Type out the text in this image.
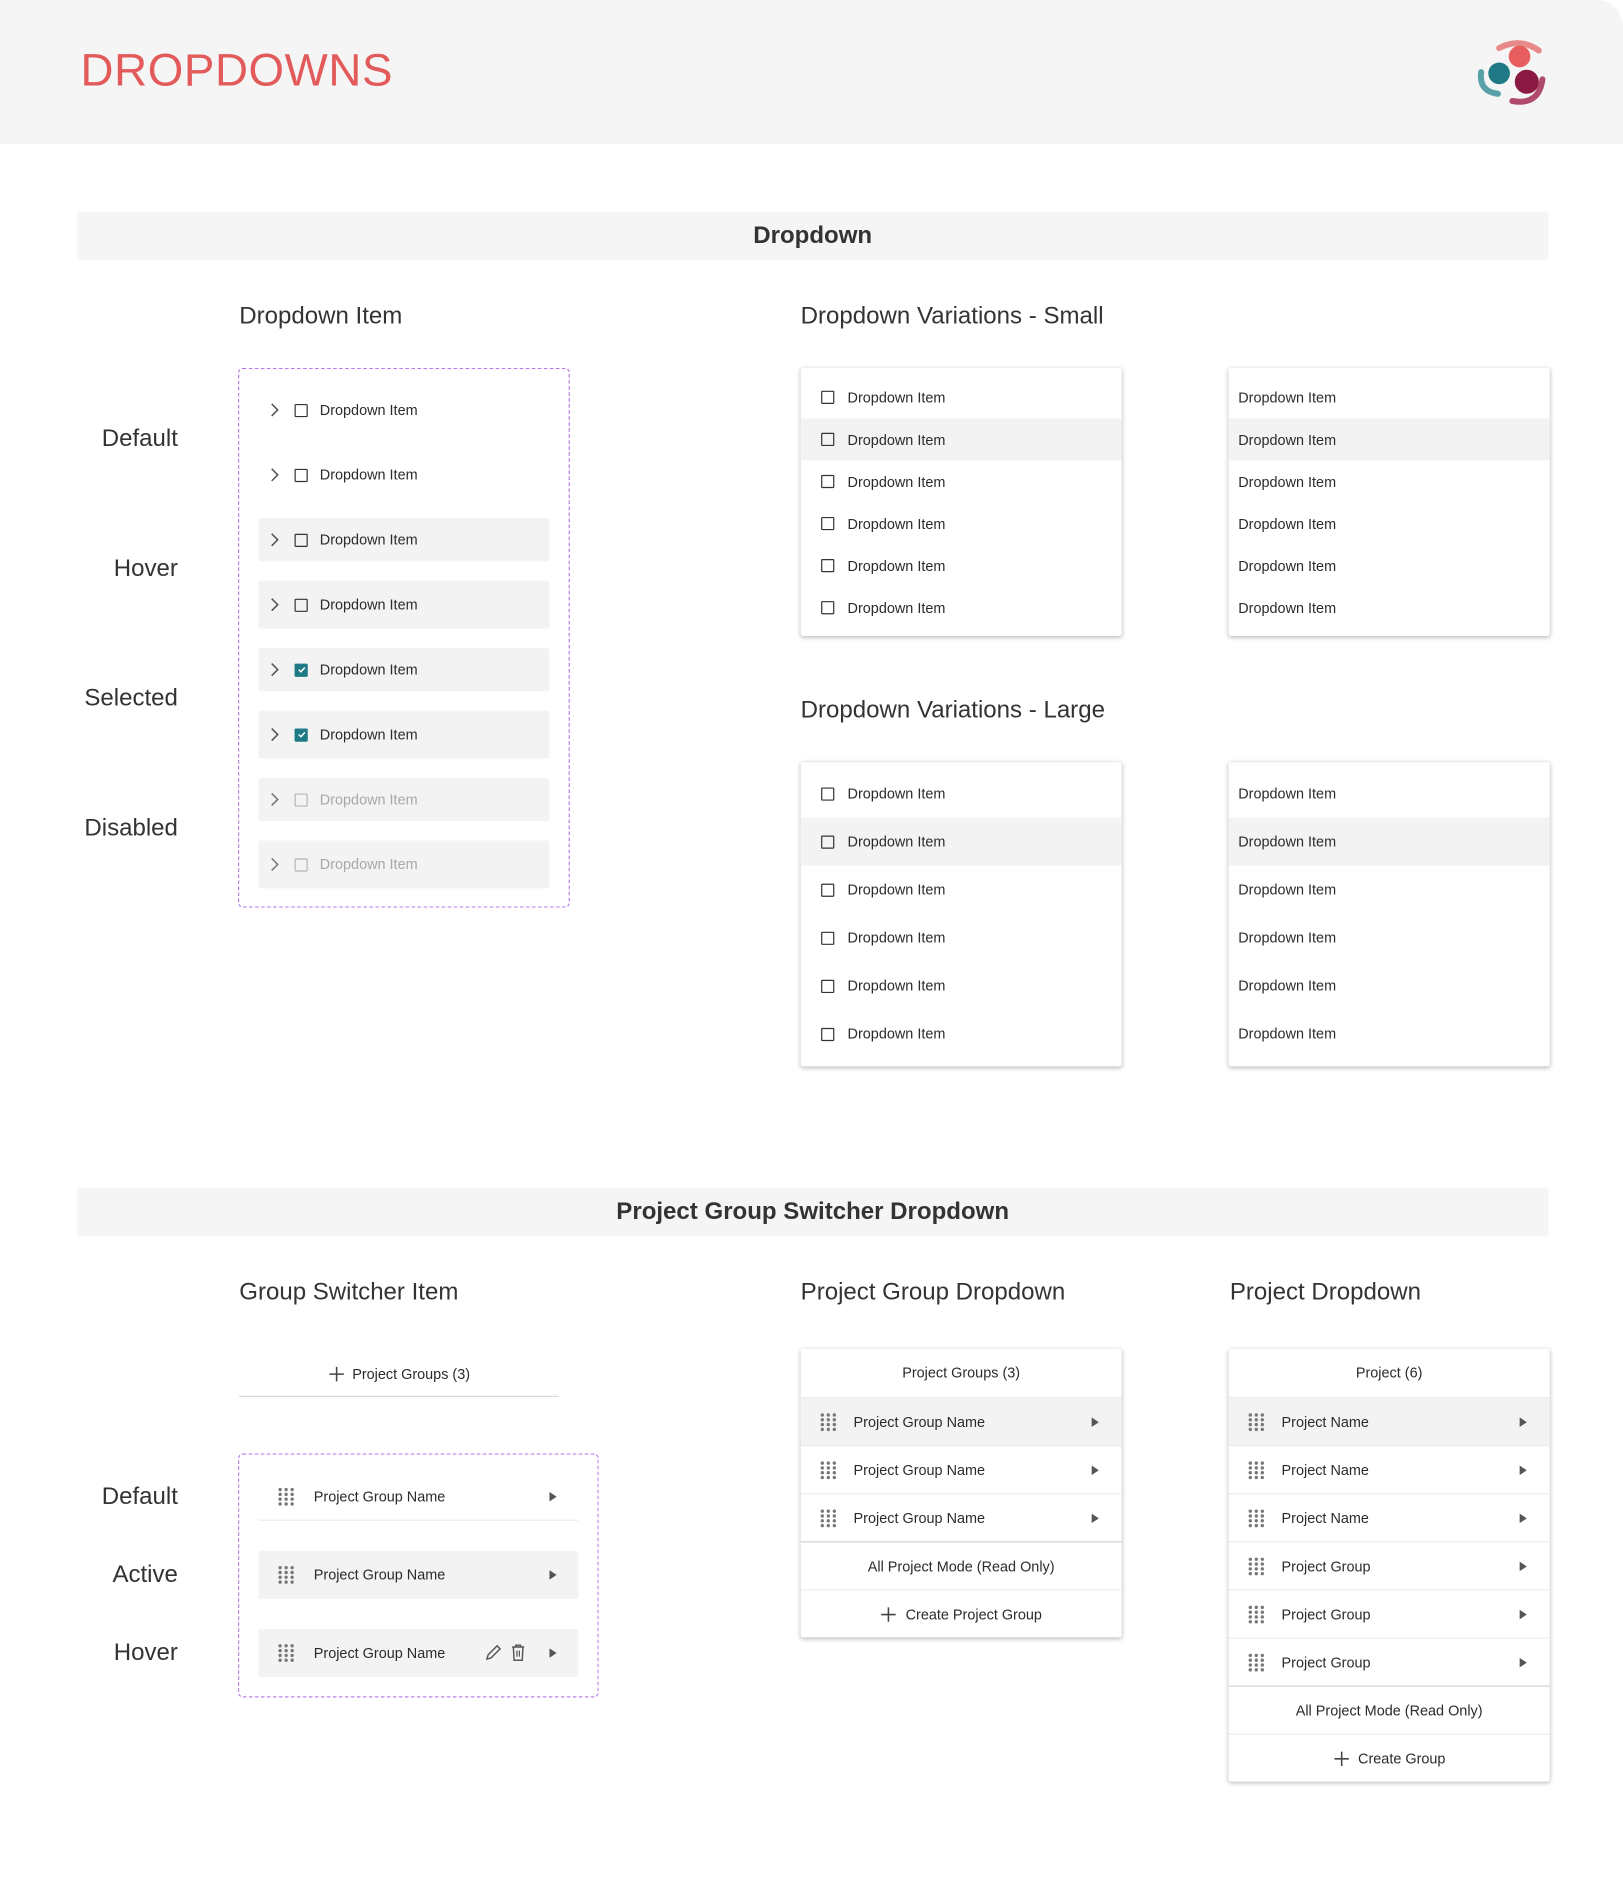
DROPDOWNS
Dropdown
Dropdown Item	Dropdown Variations - Small
Default
Hover
Selected
Disabled
Dropdown Item
Dropdown Item
Dropdown Item
Dropdown Item
Dropdown Item
Dropdown Item
Dropdown Item
Dropdown Item
Dropdown Item
Dropdown Item
Dropdown Item
Dropdown Item
Dropdown Item
Dropdown Item
Dropdown Item
Dropdown Item
Dropdown Item
Dropdown Item
Dropdown Item
Dropdown Item
Dropdown Variations - Large
Dropdown Item
Dropdown Item
Dropdown Item
Dropdown Item
Dropdown Item
Dropdown Item
Dropdown Item
Dropdown Item
Dropdown Item
Dropdown Item
Dropdown Item
Dropdown Item
Project Group Switcher Dropdown
Group Switcher Item	Project Group Dropdown	Project Dropdown
Project Groups (3)
Default
Active
Hover
Project Group Name
Project Group Name
Project Group Name
Project Groups (3)
Project Group Name
Project Group Name
Project Group Name
All Project Mode (Read Only)
Create Project Group
Project (6)
Project Name
Project Name
Project Name
Project Group
Project Group
Project Group
All Project Mode (Read Only)
Create Group
